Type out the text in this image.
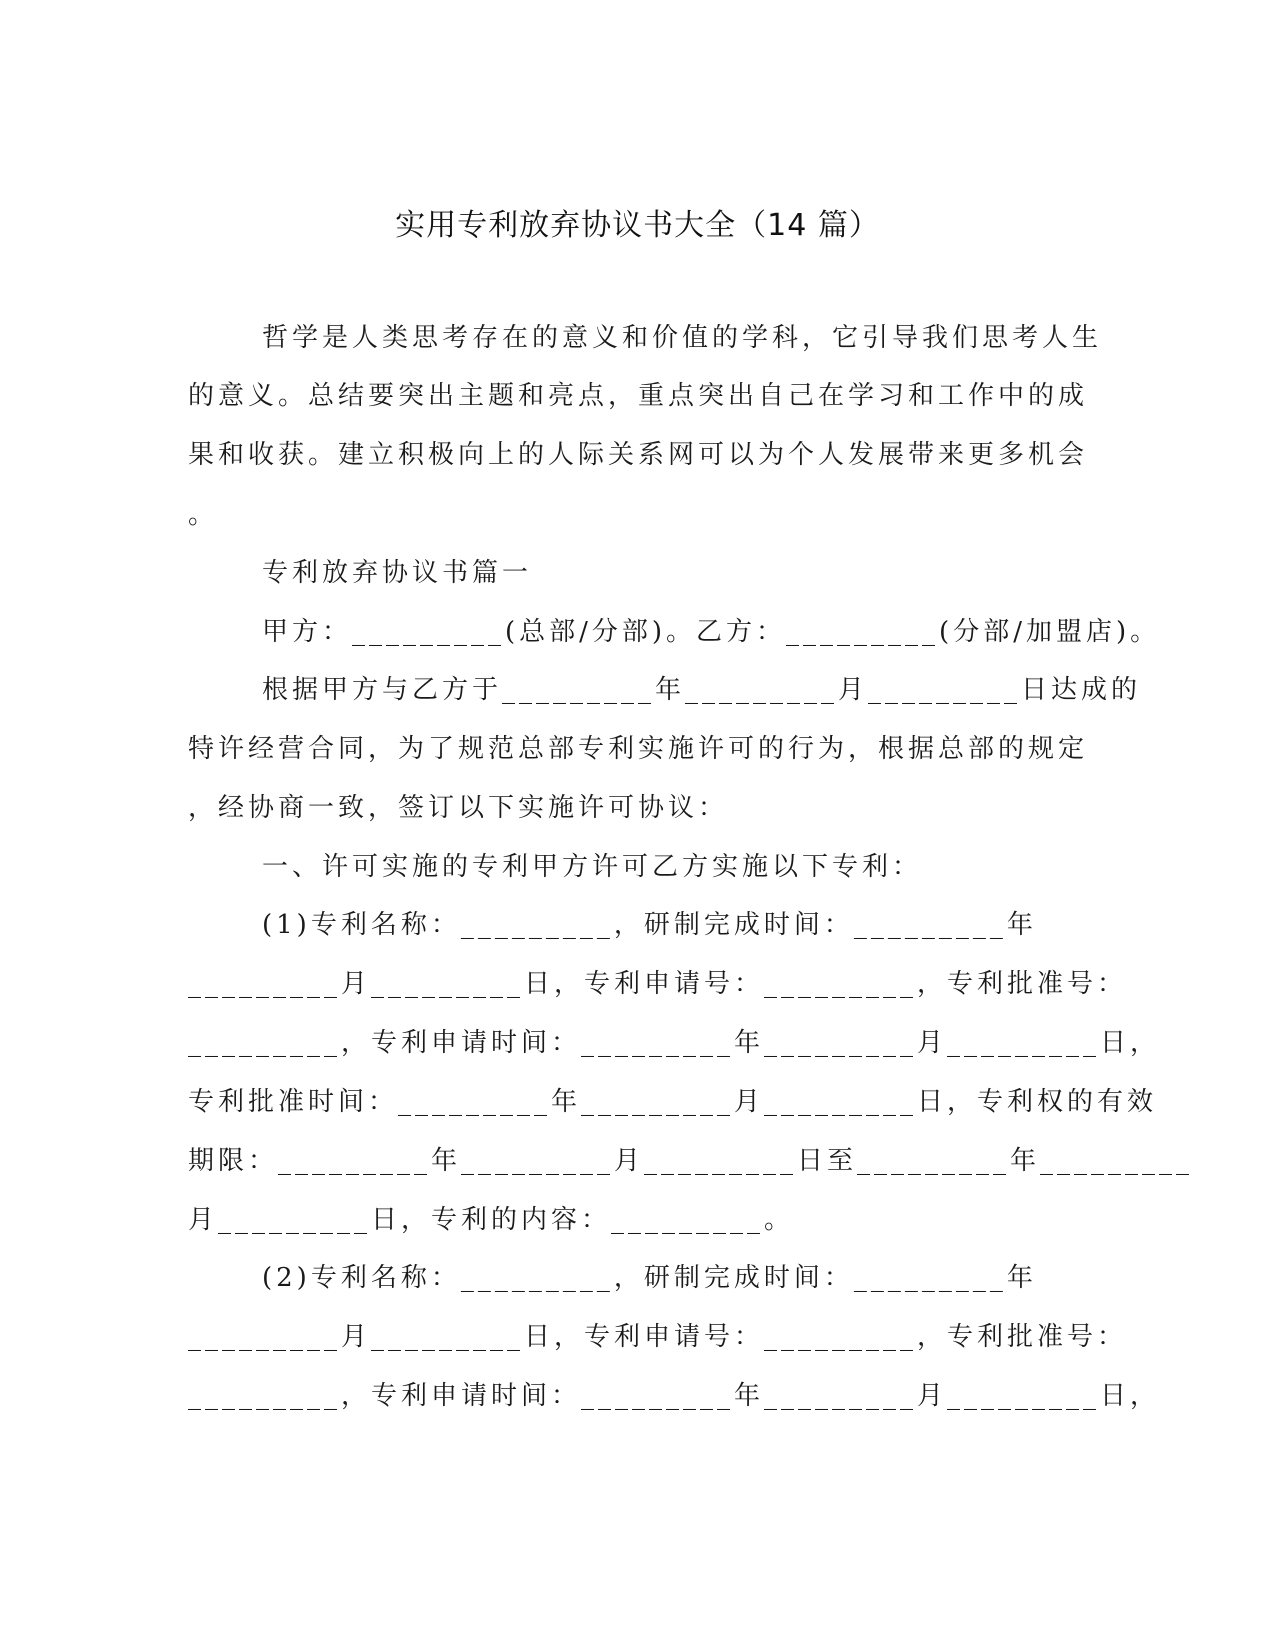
实用专利放弃协议书大全（14 篇）
哲学是人类思考存在的意义和价值的学科，它引导我们思考人生
的意义。总结要突出主题和亮点，重点突出自己在学习和工作中的成
果和收获。建立积极向上的人际关系网可以为个人发展带来更多机会
。
专利放弃协议书篇一
甲方：_________(总部/分部)。乙方：_________(分部/加盟店)。
根据甲方与乙方于_________年_________月_________日达成的
特许经营合同，为了规范总部专利实施许可的行为，根据总部的规定
，经协商一致，签订以下实施许可协议：
一、许可实施的专利甲方许可乙方实施以下专利：
(1)专利名称：_________，研制完成时间：_________年
_________月_________日，专利申请号：_________，专利批准号：
_________，专利申请时间：_________年_________月_________日，
专利批准时间：_________年_________月_________日，专利权的有效
期限：_________年_________月_________日至_________年_________
月_________日，专利的内容：_________。
(2)专利名称：_________，研制完成时间：_________年
_________月_________日，专利申请号：_________，专利批准号：
_________，专利申请时间：_________年_________月_________日，
